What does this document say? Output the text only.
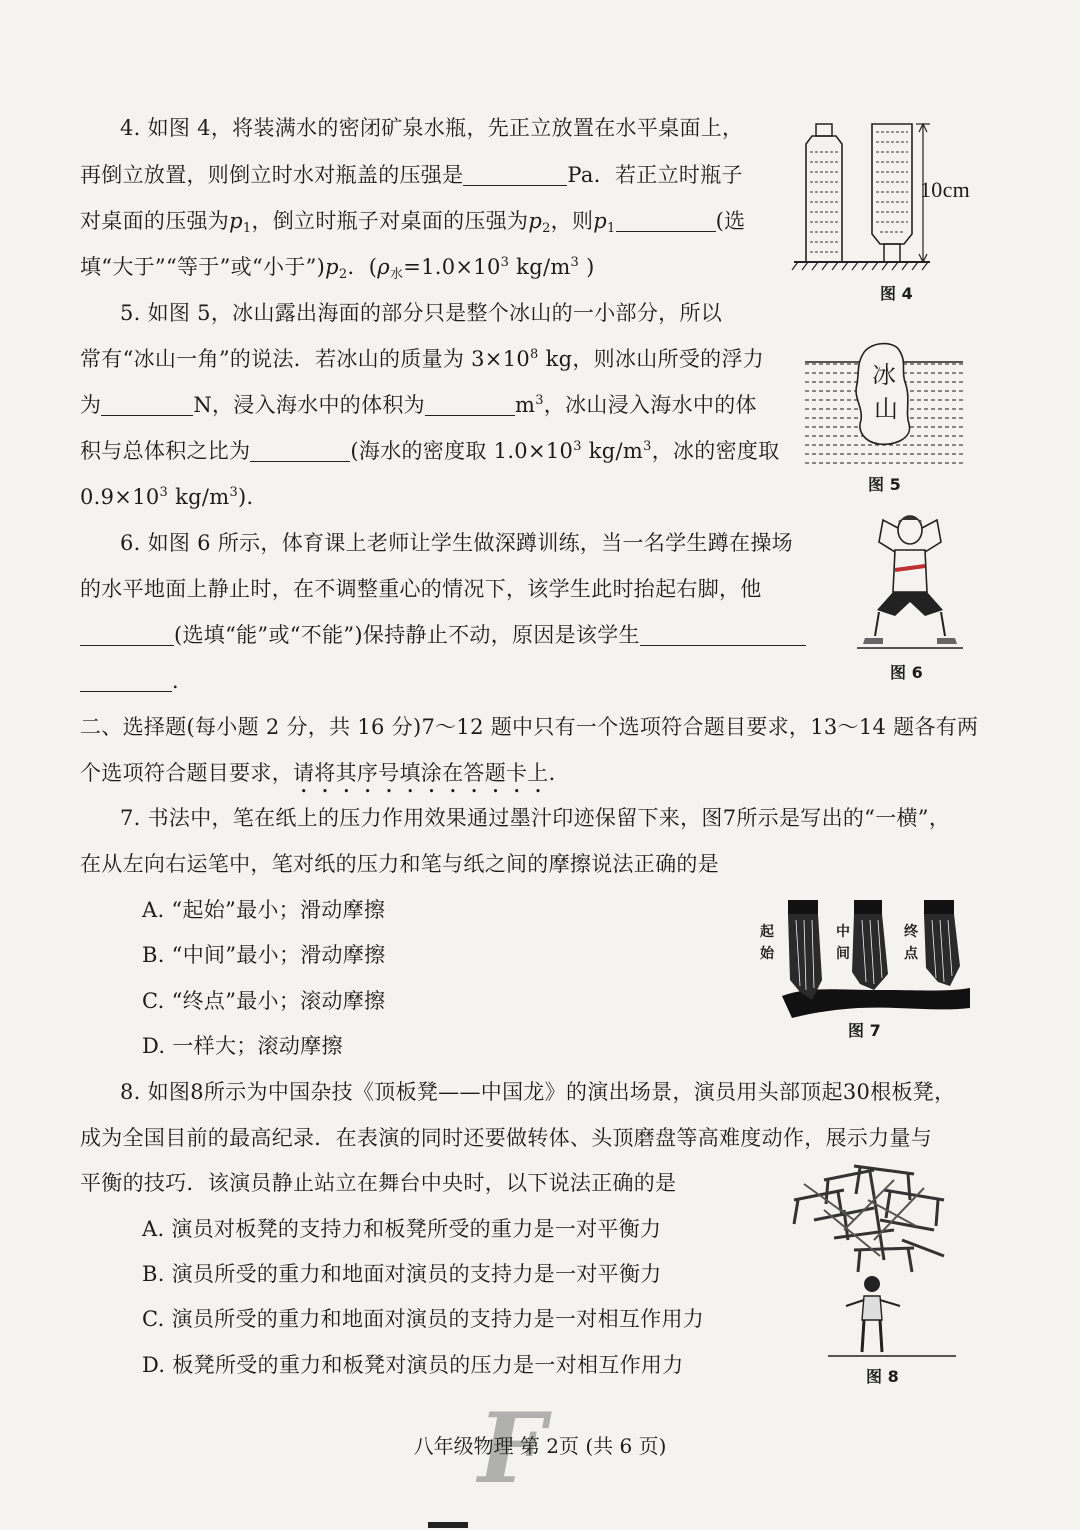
4. 如图 4，将装满水的密闭矿泉水瓶，先正立放置在水平桌面上，
再倒立放置，则倒立时水对瓶盖的压强是	Pa．若正立时瓶子
对桌面的压强为$p_1$，倒立时瓶子对桌面的压强为$p_2$，则$p_1$	(选
填“大于”“等于”或“小于$”)p_2$．($\rho_水=1.0\times 10^3$ $kg/m^3$ )
10cm
图 4
5. 如图 5，冰山露出海面的部分只是整个冰山的一小部分，所以
常有“冰山一角”的说法．若冰山的质量为 $3\times 10^8$ kg，则冰山所受的浮力
为	N，浸入海水中的体积为	$m^3$，冰山浸入海水中的体
积与总体积之比为	(海水的密度取 $1.0\times 10^3$ $kg/m^3$，冰的密度取
$0.9\times 10^3$ $kg/m^3$)．
冰
山
图 5
6. 如图 6 所示，体育课上老师让学生做深蹲训练，当一名学生蹲在操场
的水平地面上静止时，在不调整重心的情况下，该学生此时抬起右脚，他
(选填“能”或“不能”)保持静止不动，原因是该学生
．	图 6
二、选择题(每小题 2 分，共 16 分)7～12 题中只有一个选项符合题目要求，13～14 题各有两
个选项符合题目要求，请将其序号填涂在答题卡上．
7. 书法中，笔在纸上的压力作用效果通过墨汁印迹保留下来，图7所示是写出的“一横”，
在从左向右运笔中，笔对纸的压力和笔与纸之间的摩擦说法正确的是
A. “起始”最小；滑动摩擦
B. “中间”最小；滑动摩擦
C. “终点”最小；滚动摩擦
D. 一样大；滚动摩擦
起
始
中
间
终
点
图 7
8. 如图8所示为中国杂技《顶板凳——中国龙》的演出场景，演员用头部顶起30根板凳，
成为全国目前的最高纪录．在表演的同时还要做转体、头顶磨盘等高难度动作，展示力量与
平衡的技巧．该演员静止站立在舞台中央时，以下说法正确的是
A. 演员对板凳的支持力和板凳所受的重力是一对平衡力
B. 演员所受的重力和地面对演员的支持力是一对平衡力
C. 演员所受的重力和地面对演员的支持力是一对相互作用力
D. 板凳所受的重力和板凳对演员的压力是一对相互作用力	图 8
F
八年级物理 第 2页 (共 6 页)
